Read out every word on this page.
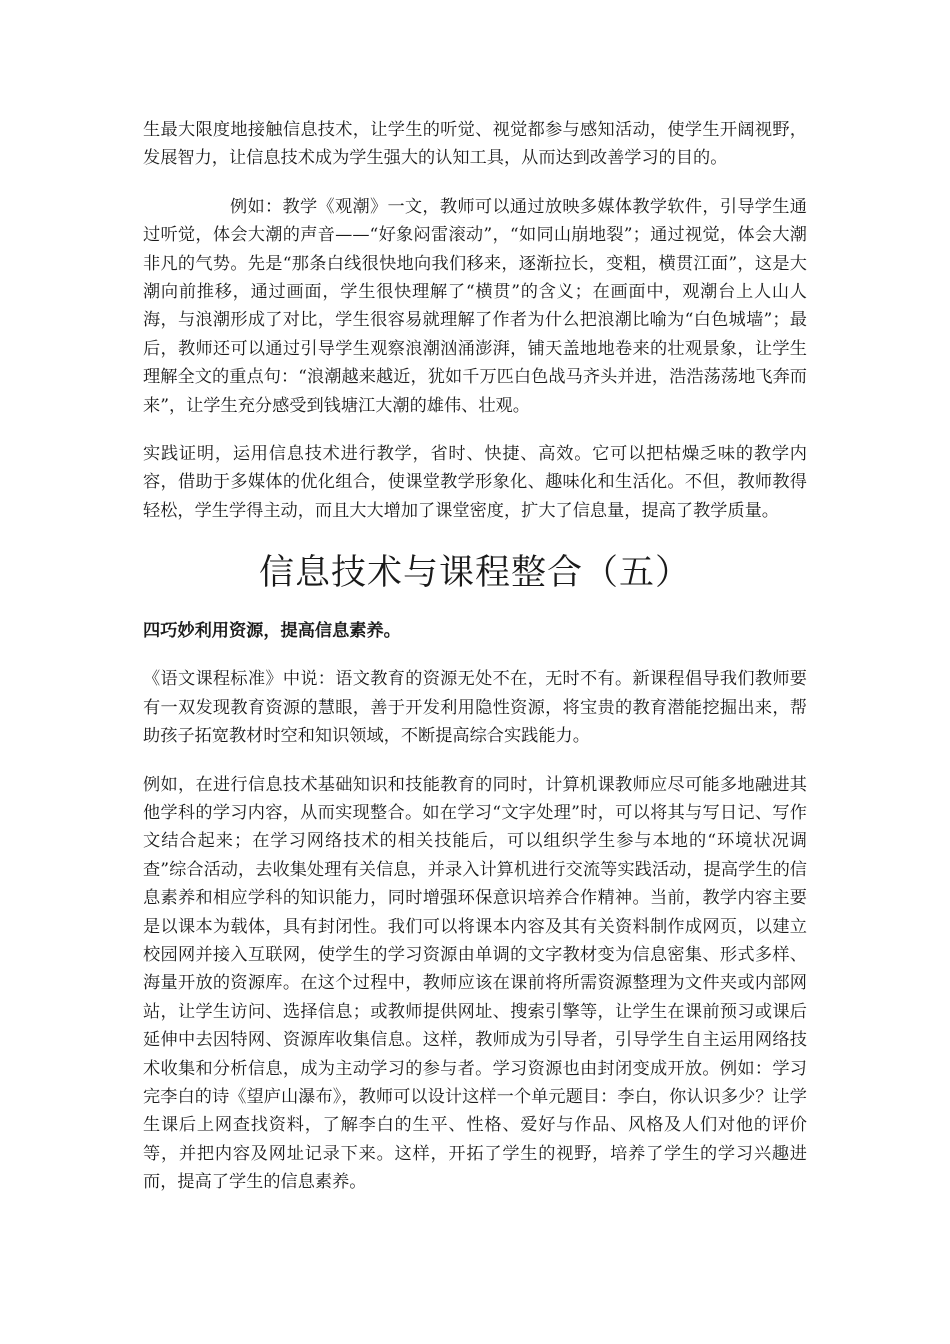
生最大限度地接触信息技术，让学生的听觉、视觉都参与感知活动，使学生开阔视野，发展智力，让信息技术成为学生强大的认知工具，从而达到改善学习的目的。

例如：教学《观潮》一文，教师可以通过放映多媒体教学软件，引导学生通过听觉，体会大潮的声音——“好象闷雷滚动”，“如同山崩地裂”；通过视觉，体会大潮非凡的气势。先是“那条白线很快地向我们移来，逐渐拉长，变粗，横贯江面”，这是大潮向前推移，通过画面，学生很快理解了“横贯”的含义；在画面中，观潮台上人山人海，与浪潮形成了对比，学生很容易就理解了作者为什么把浪潮比喻为“白色城墙”；最后，教师还可以通过引导学生观察浪潮汹涌澎湃，铺天盖地地卷来的壮观景象，让学生理解全文的重点句：“浪潮越来越近，犹如千万匹白色战马齐头并进，浩浩荡荡地飞奔而来”，让学生充分感受到钱塘江大潮的雄伟、壮观。

实践证明，运用信息技术进行教学，省时、快捷、高效。它可以把枯燥乏味的教学内容，借助于多媒体的优化组合，使课堂教学形象化、趣味化和生活化。不但，教师教得轻松，学生学得主动，而且大大增加了课堂密度，扩大了信息量，提高了教学质量。

信息技术与课程整合（五）
四巧妙利用资源，提高信息素养。

《语文课程标准》中说：语文教育的资源无处不在，无时不有。新课程倡导我们教师要有一双发现教育资源的慧眼，善于开发利用隐性资源，将宝贵的教育潜能挖掘出来，帮助孩子拓宽教材时空和知识领域，不断提高综合实践能力。

例如，在进行信息技术基础知识和技能教育的同时，计算机课教师应尽可能多地融进其他学科的学习内容，从而实现整合。如在学习“文字处理”时，可以将其与写日记、写作文结合起来；在学习网络技术的相关技能后，可以组织学生参与本地的“环境状况调查”综合活动，去收集处理有关信息，并录入计算机进行交流等实践活动，提高学生的信息素养和相应学科的知识能力，同时增强环保意识培养合作精神。当前，教学内容主要是以课本为载体，具有封闭性。我们可以将课本内容及其有关资料制作成网页，以建立校园网并接入互联网，使学生的学习资源由单调的文字教材变为信息密集、形式多样、海量开放的资源库。在这个过程中，教师应该在课前将所需资源整理为文件夹或内部网站，让学生访问、选择信息；或教师提供网址、搜索引擎等，让学生在课前预习或课后延伸中去因特网、资源库收集信息。这样，教师成为引导者，引导学生自主运用网络技术收集和分析信息，成为主动学习的参与者。学习资源也由封闭变成开放。例如：学习完李白的诗《望庐山瀑布》，教师可以设计这样一个单元题目：李白，你认识多少？让学生课后上网查找资料，了解李白的生平、性格、爱好与作品、风格及人们对他的评价等，并把内容及网址记录下来。这样，开拓了学生的视野，培养了学生的学习兴趣进而，提高了学生的信息素养。
